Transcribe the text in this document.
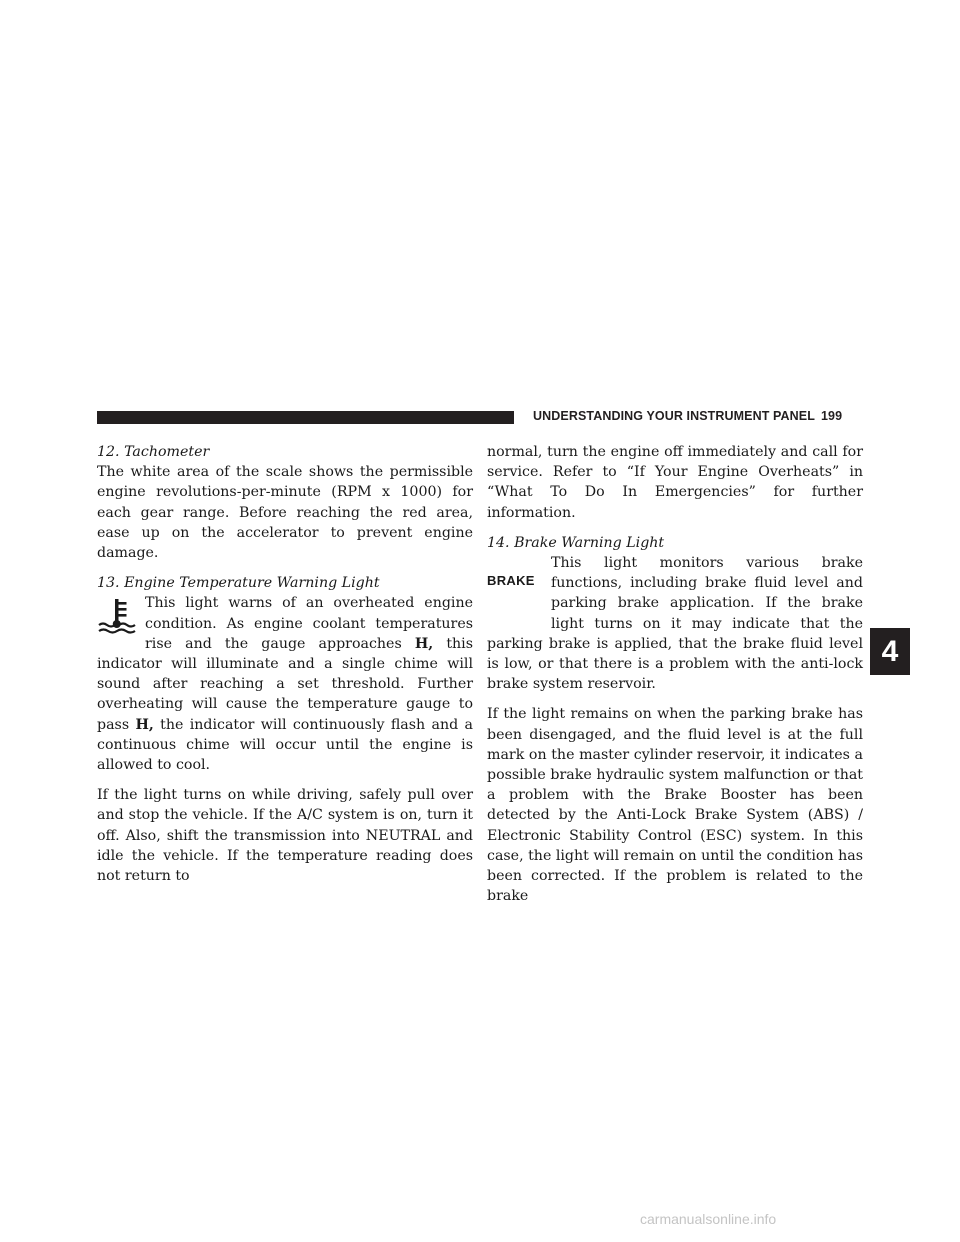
UNDERSTANDING YOUR INSTRUMENT PANEL 199

12. Tachometer

The white area of the scale shows the permissible engine revolutions-per-minute (RPM x 1000) for each gear range. Before reaching the red area, ease up on the accelerator to prevent engine damage.

13. Engine Temperature Warning Light

This light warns of an overheated engine condition. As engine coolant temperatures rise and the gauge approaches H, this indicator will illuminate and a single chime will sound after reaching a set threshold. Further overheating will cause the temperature gauge to pass H, the indicator will continuously flash and a continuous chime will occur until the engine is allowed to cool.

If the light turns on while driving, safely pull over and stop the vehicle. If the A/C system is on, turn it off. Also, shift the transmission into NEUTRAL and idle the vehicle. If the temperature reading does not return to

normal, turn the engine off immediately and call for service. Refer to “If Your Engine Overheats” in “What To Do In Emergencies” for further information.

14. Brake Warning Light

BRAKE
This light monitors various brake functions, including brake fluid level and parking brake application. If the brake light turns on it may indicate that the parking brake is applied, that the brake fluid level is low, or that there is a problem with the anti-lock brake system reservoir.

If the light remains on when the parking brake has been disengaged, and the fluid level is at the full mark on the master cylinder reservoir, it indicates a possible brake hydraulic system malfunction or that a problem with the Brake Booster has been detected by the Anti-Lock Brake System (ABS) / Electronic Stability Control (ESC) system. In this case, the light will remain on until the condition has been corrected. If the problem is related to the brake

4
carmanualsonline.info
